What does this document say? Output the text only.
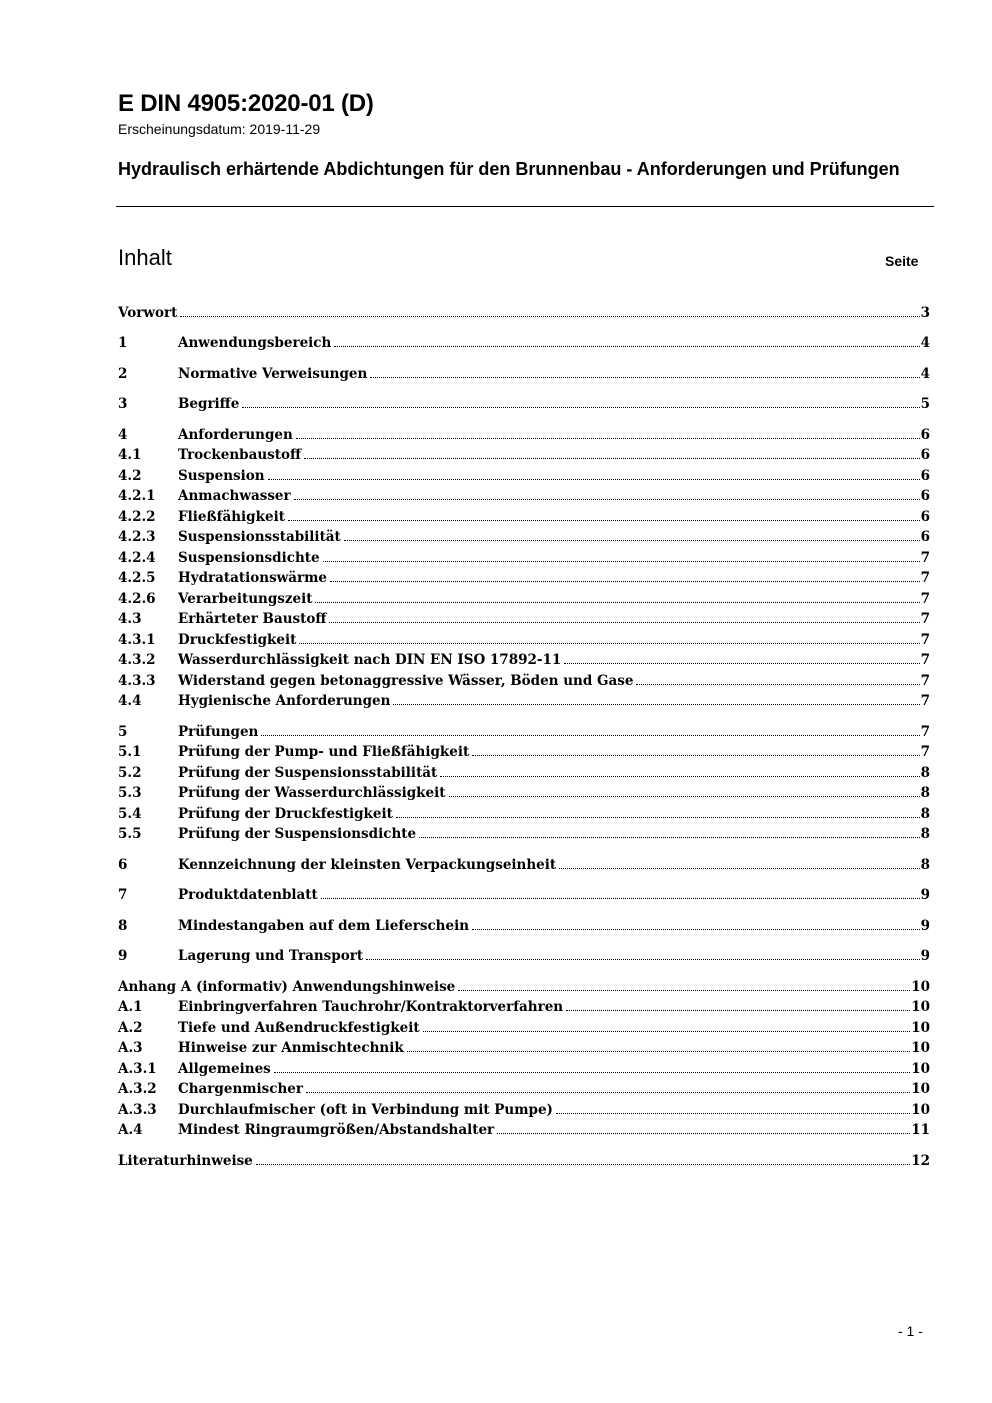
E DIN 4905:2020-01 (D)
Erscheinungsdatum: 2019-11-29
Hydraulisch erhärtende Abdichtungen für den Brunnenbau - Anforderungen und Prüfungen
Inhalt	Seite
Vorwort	3
1	Anwendungsbereich	4
2	Normative Verweisungen	4
3	Begriffe	5
4	Anforderungen	6
4.1	Trockenbaustoff	6
4.2	Suspension	6
4.2.1	Anmachwasser	6
4.2.2	Fließfähigkeit	6
4.2.3	Suspensionsstabilität	6
4.2.4	Suspensionsdichte	7
4.2.5	Hydratationswärme	7
4.2.6	Verarbeitungszeit	7
4.3	Erhärteter Baustoff	7
4.3.1	Druckfestigkeit	7
4.3.2	Wasserdurchlässigkeit nach DIN EN ISO 17892-11	7
4.3.3	Widerstand gegen betonaggressive Wässer, Böden und Gase	7
4.4	Hygienische Anforderungen	7
5	Prüfungen	7
5.1	Prüfung der Pump- und Fließfähigkeit	7
5.2	Prüfung der Suspensionsstabilität	8
5.3	Prüfung der Wasserdurchlässigkeit	8
5.4	Prüfung der Druckfestigkeit	8
5.5	Prüfung der Suspensionsdichte	8
6	Kennzeichnung der kleinsten Verpackungseinheit	8
7	Produktdatenblatt	9
8	Mindestangaben auf dem Lieferschein	9
9	Lagerung und Transport	9
Anhang A (informativ) Anwendungshinweise	10
A.1	Einbringverfahren Tauchrohr/Kontraktorverfahren	10
A.2	Tiefe und Außendruckfestigkeit	10
A.3	Hinweise zur Anmischtechnik	10
A.3.1	Allgemeines	10
A.3.2	Chargenmischer	10
A.3.3	Durchlaufmischer (oft in Verbindung mit Pumpe)	10
A.4	Mindest Ringraumgrößen/Abstandshalter	11
Literaturhinweise	12
- 1 -
